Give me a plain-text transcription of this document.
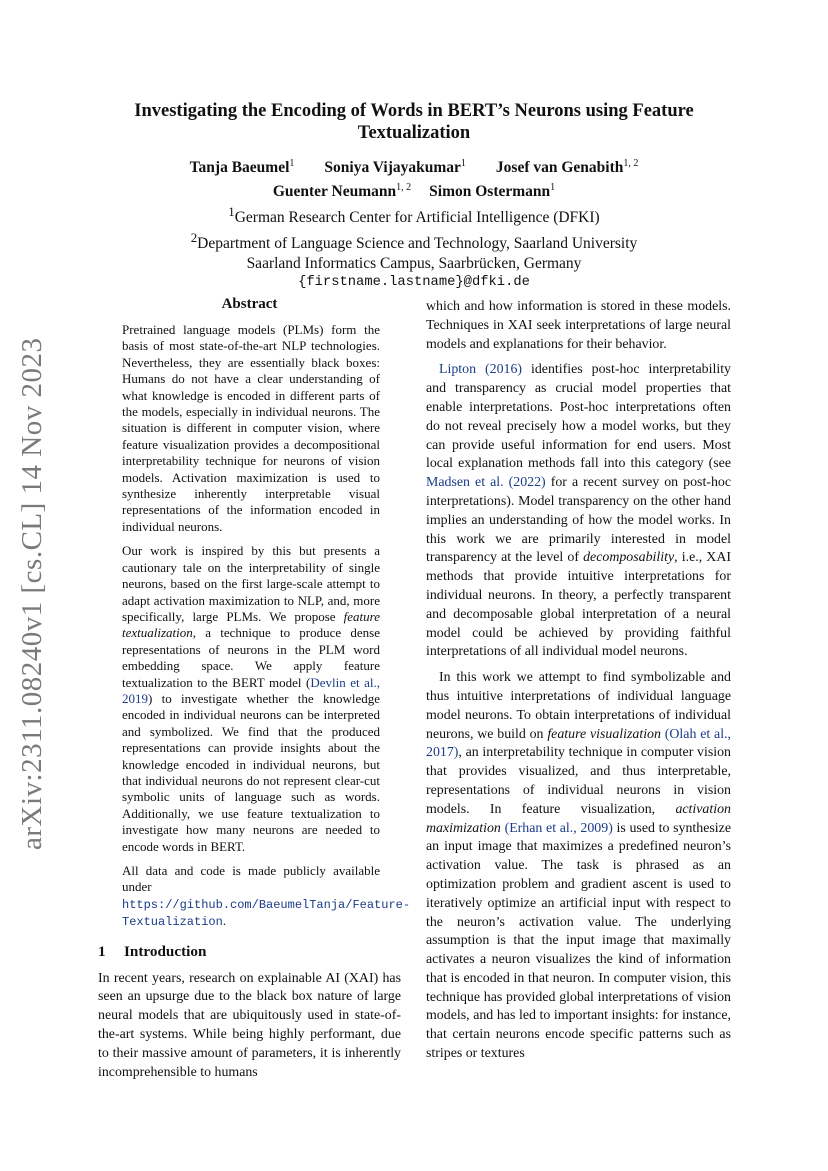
arXiv:2311.08240v1 [cs.CL] 14 Nov 2023
Investigating the Encoding of Words in BERT’s Neurons using Feature Textualization
Tanja Baeumel$^1$ Soniya Vijayakumar$^1$ Josef van Genabith$^{1, 2}$
Guenter Neumann$^{1, 2}$ Simon Ostermann$^1$
$^1$German Research Center for Artificial Intelligence (DFKI)
$^2$Department of Language Science and Technology, Saarland University
Saarland Informatics Campus, Saarbrücken, Germany
{firstname.lastname}@dfki.de
Abstract

Pretrained language models (PLMs) form the basis of most state-of-the-art NLP technologies. Nevertheless, they are essentially black boxes: Humans do not have a clear understanding of what knowledge is encoded in different parts of the models, especially in individual neurons. The situation is different in computer vision, where feature visualization provides a decompositional interpretability technique for neurons of vision models. Activation maximization is used to synthesize inherently interpretable visual representations of the information encoded in individual neurons.

Our work is inspired by this but presents a cautionary tale on the interpretability of single neurons, based on the first large-scale attempt to adapt activation maximization to NLP, and, more specifically, large PLMs. We propose feature textualization, a technique to produce dense representations of neurons in the PLM word embedding space. We apply feature textualization to the BERT model (Devlin et al., 2019) to investigate whether the knowledge encoded in individual neurons can be interpreted and symbolized. We find that the produced representations can provide insights about the knowledge encoded in individual neurons, but that individual neurons do not represent clear-cut symbolic units of language such as words. Additionally, we use feature textualization to investigate how many neurons are needed to encode words in BERT.

All data and code is made publicly available under https://github.com/BaeumelTanja/Feature-Textualization.

1 Introduction

In recent years, research on explainable AI (XAI) has seen an upsurge due to the black box nature of large neural models that are ubiquitously used in state-of-the-art systems. While being highly performant, due to their massive amount of parameters, it is inherently incomprehensible to humans

which and how information is stored in these models. Techniques in XAI seek interpretations of large neural models and explanations for their behavior.

Lipton (2016) identifies post-hoc interpretability and transparency as crucial model properties that enable interpretations. Post-hoc interpretations often do not reveal precisely how a model works, but they can provide useful information for end users. Most local explanation methods fall into this category (see Madsen et al. (2022) for a recent survey on post-hoc interpretations). Model transparency on the other hand implies an understanding of how the model works. In this work we are primarily interested in model transparency at the level of decomposability, i.e., XAI methods that provide intuitive interpretations for individual neurons. In theory, a perfectly transparent and decomposable global interpretation of a neural model could be achieved by providing faithful interpretations of all individual model neurons.

In this work we attempt to find symbolizable and thus intuitive interpretations of individual language model neurons. To obtain interpretations of individual neurons, we build on feature visualization (Olah et al., 2017), an interpretability technique in computer vision that provides visualized, and thus interpretable, representations of individual neurons in vision models. In feature visualization, activation maximization (Erhan et al., 2009) is used to synthesize an input image that maximizes a predefined neuron’s activation value. The task is phrased as an optimization problem and gradient ascent is used to iteratively optimize an artificial input with respect to the neuron’s activation value. The underlying assumption is that the input image that maximally activates a neuron visualizes the kind of information that is encoded in that neuron. In computer vision, this technique has provided global interpretations of vision models, and has led to important insights: for instance, that certain neurons encode specific patterns such as stripes or textures
